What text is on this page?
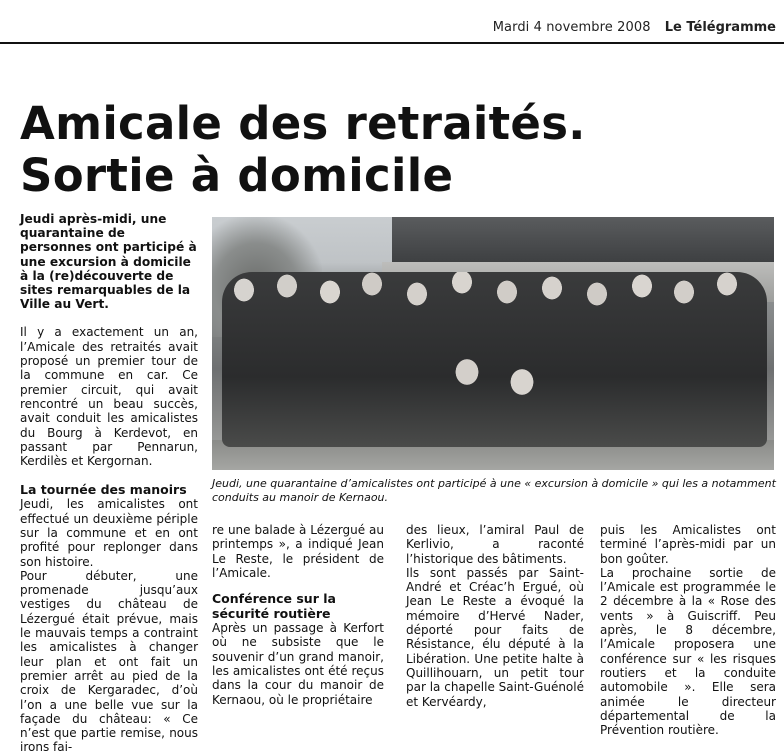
Mardi 4 novembre 2008 Le Télégramme
Amicale des retraités.
Sortie à domicile

Jeudi après-midi, une quarantaine de personnes ont participé à une excursion à domicile à la (re)découverte de sites remarquables de la Ville au Vert.

Il y a exactement un an, l’Amicale des retraités avait proposé un premier tour de la commune en car. Ce premier circuit, qui avait rencontré un beau succès, avait conduit les amicalistes du Bourg à Kerdevot, en passant par Pennarun, Kerdilès et Kergornan.

La tournée des manoirs

Jeudi, les amicalistes ont effectué un deuxième périple sur la commune et en ont profité pour replonger dans son histoire.

Pour débuter, une promenade jusqu’aux vestiges du château de Lézergué était prévue, mais le mauvais temps a contraint les amicalistes à changer leur plan et ont fait un premier arrêt au pied de la croix de Kergaradec, d’où l’on a une belle vue sur la façade du château: « Ce n’est que partie remise, nous irons fai-

Jeudi, une quarantaine d’amicalistes ont participé à une « excursion à domicile » qui les a notamment conduits au manoir de Kernaou.

re une balade à Lézergué au printemps », a indiqué Jean Le Reste, le président de l’Amicale.

Conférence sur la sécurité routière

Après un passage à Kerfort où ne subsiste que le souvenir d’un grand manoir, les amicalistes ont été reçus dans la cour du manoir de Kernaou, où le propriétaire

des lieux, l’amiral Paul de Kerlivio, a raconté l’historique des bâtiments.

Ils sont passés par Saint-André et Créac’h Ergué, où Jean Le Reste a évoqué la mémoire d’Hervé Nader, déporté pour faits de Résistance, élu député à la Libération. Une petite halte à Quillihouarn, un petit tour par la chapelle Saint-Guénolé et Kervéardy,

puis les Amicalistes ont terminé l’après-midi par un bon goûter.

La prochaine sortie de l’Amicale est programmée le 2 décembre à la « Rose des vents » à Guiscriff. Peu après, le 8 décembre, l’Amicale proposera une conférence sur « les risques routiers et la conduite automobile ». Elle sera animée le directeur départemental de la Prévention routière.
